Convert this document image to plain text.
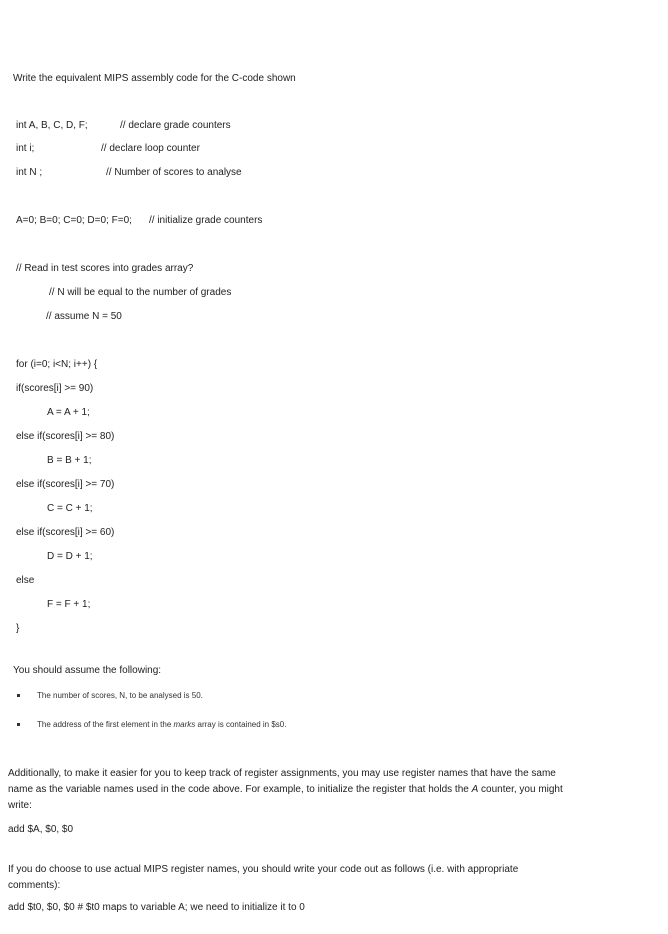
Write the equivalent MIPS assembly code for the C-code shown
int A, B, C, D, F;	// declare grade counters
int i;	// declare loop counter
int N ;	// Number of scores to analyse
A=0; B=0; C=0; D=0; F=0; // initialize grade counters
// Read in test scores into grades array?
// N will be equal to the number of grades
// assume N = 50
for (i=0; i<N; i++) {
if(scores[i] >= 90)
A = A + 1;
else if(scores[i] >= 80)
B = B + 1;
else if(scores[i] >= 70)
C = C + 1;
else if(scores[i] >= 60)
D = D + 1;
else
F = F + 1;
}
You should assume the following:
The number of scores, N, to be analysed is 50.
The address of the first element in the marks array is contained in $s0.
Additionally, to make it easier for you to keep track of register assignments, you may use register names that have the same name as the variable names used in the code above. For example, to initialize the register that holds the A counter, you might write:
add $A, $0, $0
If you do choose to use actual MIPS register names, you should write your code out as follows (i.e. with appropriate comments):
add $t0, $0, $0 # $t0 maps to variable A; we need to initialize it to 0
